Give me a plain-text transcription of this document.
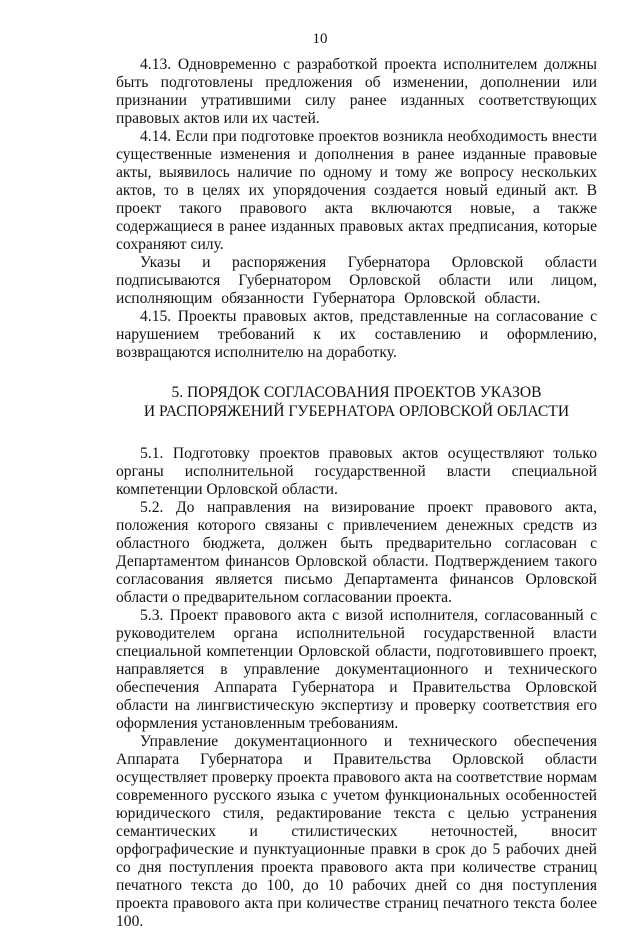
10

4.13. Одновременно с разработкой проекта исполнителем должны быть подготовлены предложения об изменении, дополнении или признании утратившими силу ранее изданных соответствующих правовых актов или их частей.

4.14. Если при подготовке проектов возникла необходимость внести существенные изменения и дополнения в ранее изданные правовые акты, выявилось наличие по одному и тому же вопросу нескольких актов, то в целях их упорядочения создается новый единый акт. В проект такого правового акта включаются новые, а также содержащиеся в ранее изданных правовых актах предписания, которые сохраняют силу.

Указы и распоряжения Губернатора Орловской области подписываются Губернатором Орловской области или лицом, исполняющим обязанности Губернатора Орловской области.

4.15. Проекты правовых актов, представленные на согласование с нарушением требований к их составлению и оформлению, возвращаются исполнителю на доработку.

5. ПОРЯДОК СОГЛАСОВАНИЯ ПРОЕКТОВ УКАЗОВ
И РАСПОРЯЖЕНИЙ ГУБЕРНАТОРА ОРЛОВСКОЙ ОБЛАСТИ

5.1. Подготовку проектов правовых актов осуществляют только органы исполнительной государственной власти специальной компетенции Орловской области.

5.2. До направления на визирование проект правового акта, положения которого связаны с привлечением денежных средств из областного бюджета, должен быть предварительно согласован с Департаментом финансов Орловской области. Подтверждением такого согласования является письмо Департамента финансов Орловской области о предварительном согласовании проекта.

5.3. Проект правового акта с визой исполнителя, согласованный с руководителем органа исполнительной государственной власти специальной компетенции Орловской области, подготовившего проект, направляется в управление документационного и технического обеспечения Аппарата Губернатора и Правительства Орловской области на лингвистическую экспертизу и проверку соответствия его оформления установленным требованиям.

Управление документационного и технического обеспечения Аппарата Губернатора и Правительства Орловской области осуществляет проверку проекта правового акта на соответствие нормам современного русского языка с учетом функциональных особенностей юридического стиля, редактирование текста с целью устранения семантических и стилистических неточностей, вносит орфографические и пунктуационные правки в срок до 5 рабочих дней со дня поступления проекта правового акта при количестве страниц печатного текста до 100, до 10 рабочих дней со дня поступления проекта правового акта при количестве страниц печатного текста более 100.
